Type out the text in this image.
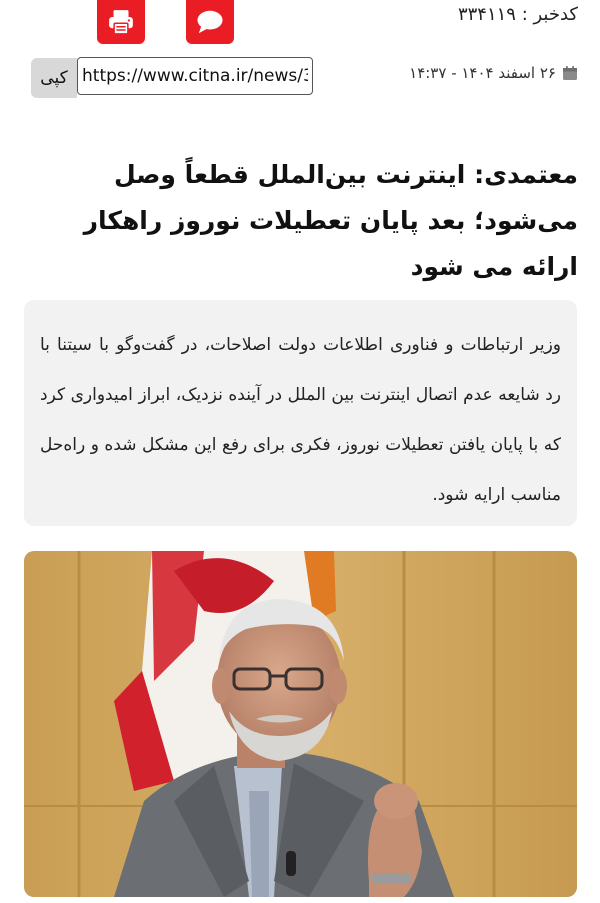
کدخبر : ۳۳۴۱۱۹
۲۶ اسفند ۱۴۰۴ - ۱۴:۳۷
کپی
https://www.citna.ir/news/334119
معتمدی: اینترنت بین‌الملل قطعاً وصل می‌شود؛ بعد پایان تعطیلات نوروز راهکار ارائه می شود

وزیر ارتباطات و فناوری اطلاعات دولت اصلاحات، در گفت‌وگو با سیتنا با رد شایعه عدم اتصال اینترنت بین الملل در آینده نزدیک، ابراز امیدواری کرد که با پایان یافتن تعطیلات نوروز، فکری برای رفع این مشکل شده و راه‌حل مناسب ارایه شود.
